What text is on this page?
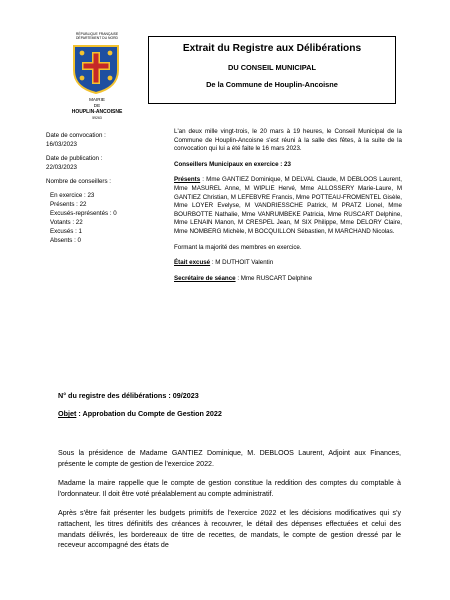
RÉPUBLIQUE FRANÇAISE
DÉPARTEMENT DU NORD
MAIRIE
DE
HOUPLIN-ANCOISNE
59263
Extrait du Registre aux Délibérations
DU CONSEIL MUNICIPAL
De la Commune de Houplin-Ancoisne
Date de convocation :
16/03/2023
Date de publication :
22/03/2023
Nombre de conseillers :
En exercice : 23
Présents : 22
Excusés-représentés : 0
Votants : 22
Excusés : 1
Absents : 0

L'an deux mille vingt-trois, le 20 mars à 19 heures, le Conseil Municipal de la Commune de Houplin-Ancoisne s'est réuni à la salle des fêtes, à la suite de la convocation qui lui a été faite le 16 mars 2023.

Conseillers Municipaux en exercice : 23

Présents : Mme GANTIEZ Dominique, M DELVAL Claude, M DEBLOOS Laurent, Mme MASUREL Anne, M WIPLIE Hervé, Mme ALLOSSERY Marie-Laure, M GANTIEZ Christian, M LEFEBVRE Francis, Mme POTTEAU-FROMENTEL Gisèle, Mme LOYER Evelyse, M VANDRIESSCHE Patrick, M PRATZ Lionel, Mme BOURBOTTE Nathalie, Mme VANRUMBEKE Patricia, Mme RUSCART Delphine, Mme LENAIN Manon, M CRESPEL Jean, M SIX Philippe, Mme DELORY Claire, Mme NOMBERG Michèle, M BOCQUILLON Sébastien, M MARCHAND Nicolas.

Formant la majorité des membres en exercice.

Était excusé : M DUTHOIT Valentin

Secrétaire de séance : Mme RUSCART Delphine

N° du registre des délibérations : 09/2023
Objet : Approbation du Compte de Gestion 2022

Sous la présidence de Madame GANTIEZ Dominique, M. DEBLOOS Laurent, Adjoint aux Finances, présente le compte de gestion de l'exercice 2022.

Madame la maire rappelle que le compte de gestion constitue la reddition des comptes du comptable à l'ordonnateur. Il doit être voté préalablement au compte administratif.

Après s'être fait présenter les budgets primitifs de l'exercice 2022 et les décisions modificatives qui s'y rattachent, les titres définitifs des créances à recouvrer, le détail des dépenses effectuées et celui des mandats délivrés, les bordereaux de titre de recettes, de mandats, le compte de gestion dressé par le receveur accompagné des états de
